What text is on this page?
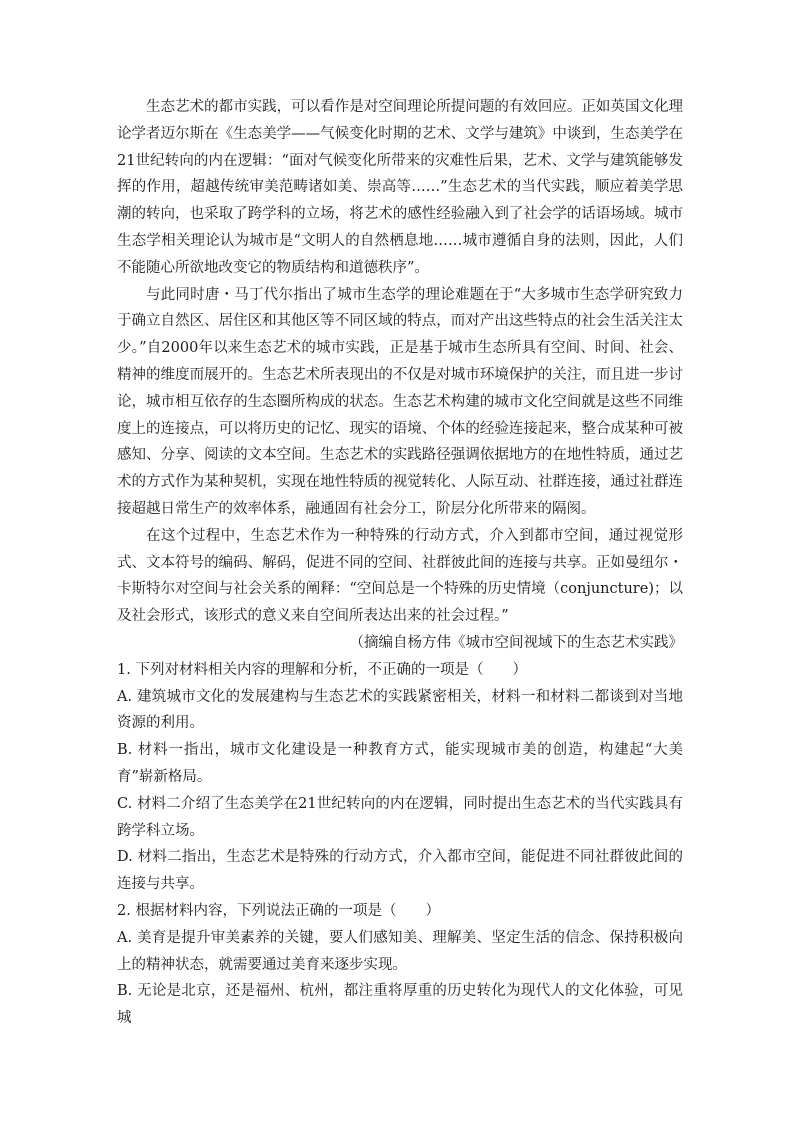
生态艺术的都市实践，可以看作是对空间理论所提问题的有效回应。正如英国文化理论学者迈尔斯在《生态美学——气候变化时期的艺术、文学与建筑》中谈到，生态美学在21世纪转向的内在逻辑：“面对气候变化所带来的灾难性后果，艺术、文学与建筑能够发挥的作用，超越传统审美范畴诸如美、崇高等……”生态艺术的当代实践，顺应着美学思潮的转向，也采取了跨学科的立场，将艺术的感性经验融入到了社会学的话语场域。城市生态学相关理论认为城市是“文明人的自然栖息地……城市遵循自身的法则，因此，人们不能随心所欲地改变它的物质结构和道德秩序”。

与此同时唐・马丁代尔指出了城市生态学的理论难题在于“大多城市生态学研究致力于确立自然区、居住区和其他区等不同区域的特点，而对产出这些特点的社会生活关注太少。”自2000年以来生态艺术的城市实践，正是基于城市生态所具有空间、时间、社会、精神的维度而展开的。生态艺术所表现出的不仅是对城市环境保护的关注，而且进一步讨论，城市相互依存的生态圈所构成的状态。生态艺术构建的城市文化空间就是这些不同维度上的连接点，可以将历史的记忆、现实的语境、个体的经验连接起来，整合成某种可被感知、分享、阅读的文本空间。生态艺术的实践路径强调依据地方的在地性特质，通过艺术的方式作为某种契机，实现在地性特质的视觉转化、人际互动、社群连接，通过社群连接超越日常生产的效率体系，融通固有社会分工，阶层分化所带来的隔阂。

在这个过程中，生态艺术作为一种特殊的行动方式，介入到都市空间，通过视觉形式、文本符号的编码、解码，促进不同的空间、社群彼此间的连接与共享。正如曼纽尔・卡斯特尔对空间与社会关系的阐释：“空间总是一个特殊的历史情境（conjuncture)；以及社会形式，该形式的意义来自空间所表达出来的社会过程。”

（摘编自杨方伟《城市空间视域下的生态艺术实践》

1. 下列对材料相关内容的理解和分析，不正确的一项是（　　）

A. 建筑城市文化的发展建构与生态艺术的实践紧密相关，材料一和材料二都谈到对当地资源的利用。

B. 材料一指出，城市文化建设是一种教育方式，能实现城市美的创造，构建起“大美育”崭新格局。

C. 材料二介绍了生态美学在21世纪转向的内在逻辑，同时提出生态艺术的当代实践具有跨学科立场。

D. 材料二指出，生态艺术是特殊的行动方式，介入都市空间，能促进不同社群彼此间的连接与共享。

2. 根据材料内容，下列说法正确的一项是（　　）

A. 美育是提升审美素养的关键，要人们感知美、理解美、坚定生活的信念、保持积极向上的精神状态，就需要通过美育来逐步实现。

B. 无论是北京，还是福州、杭州，都注重将厚重的历史转化为现代人的文化体验，可见城
